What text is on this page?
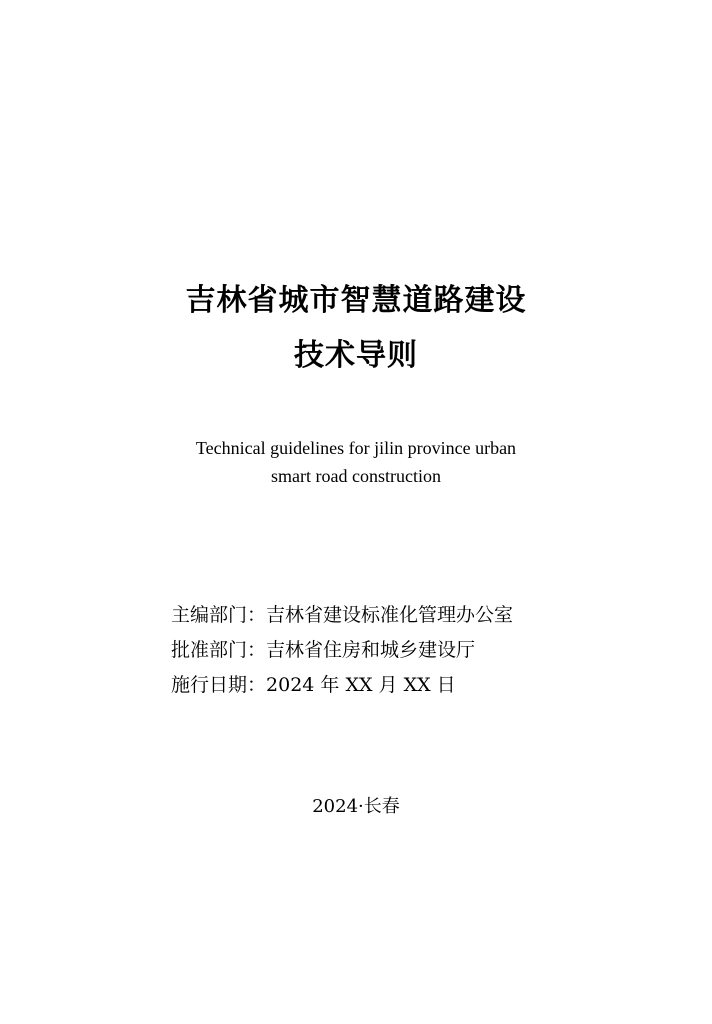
吉林省城市智慧道路建设
技术导则
Technical guidelines for jilin province urban
smart road construction
主编部门：吉林省建设标准化管理办公室
批准部门：吉林省住房和城乡建设厅
施行日期：2024 年 XX 月 XX 日
2024·长春
